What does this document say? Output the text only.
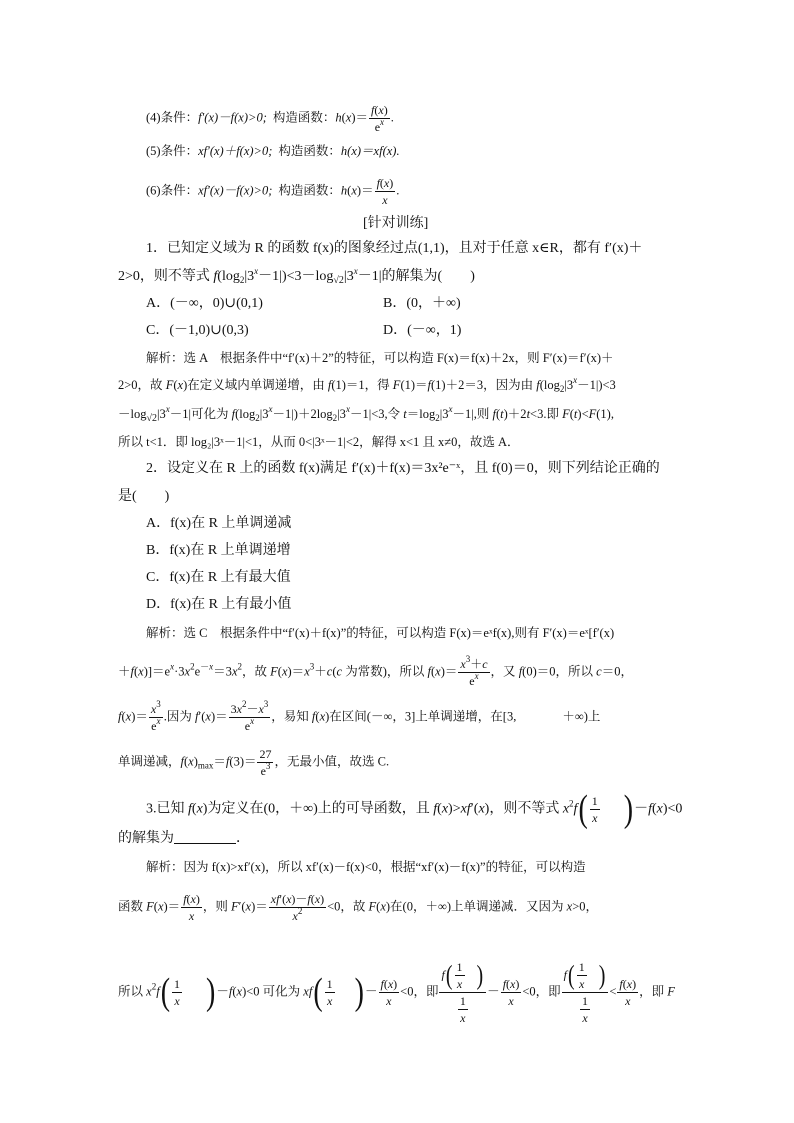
(4)条件：f′(x)－f(x)>0; 构造函数：$h(x)= \frac{f(x)}{e^x}$ .
(5)条件：xf′(x)＋f(x)>0; 构造函数：h(x)＝xf(x).
(6)条件：xf′(x)－f(x)>0; 构造函数：$h(x)= \frac{f(x)}{x}$ .
[针对训练]
1．已知定义域为 R 的函数 f(x)的图象经过点(1,1)，且对于任意 x∈R，都有 f′(x)＋
2>0，则不等式 $f(\log_2|3^x-1|)<3-\log_{√2}|3^x-1|$的解集为(　　)
A．(－∞，0)∪(0,1)	B．(0，＋∞)
C．(－1,0)∪(0,3)	D．(－∞，1)
解析：选 A　根据条件中“f′(x)＋2”的特征，可以构造 F(x)＝f(x)＋2x，则 F′(x)＝f′(x)＋
2>0，故 F(x)在定义域内单调递增，由 f(1)＝1，得 F(1)＝f(1)＋2＝3，因为由 $f(\log_2|3^x-1|)<3$
$-\log_{√2}|3^x-1|$可化为 $f(\log_2|3^x-1|)+2\log_2|3^x-1|<3$,令 $t=\log_2|3^x-1|$,则 f(t)＋2t<3.即 F(t)<F(1),
所以 t<1．即 log₂|3ˣ－1|<1，从而 0<|3ˣ－1|<2，解得 x<1 且 x≠0，故选 A．
2．设定义在 R 上的函数 f(x)满足 f′(x)＋f(x)＝3x²e⁻ˣ，且 f(0)＝0，则下列结论正确的
是(　　)
A．f(x)在 R 上单调递减
B．f(x)在 R 上单调递增
C．f(x)在 R 上有最大值
D．f(x)在 R 上有最小值
解析：选 C　根据条件中“f′(x)＋f(x)”的特征，可以构造 F(x)＝eˣf(x),则有 F′(x)＝eˣ[f′(x)
$+f(x)]=e^x\cdot 3x^2e^{-x}=3x^2$，故 $F(x)=x^3+c(c$ 为常数)，所以 $f(x)= \frac{x^3+c}{e^x}$ ，又 f(0)＝0，所以 c＝0，
$f(x)= \frac{x^3}{e^x}$ .因为 $f'(x)= \frac{3x^2-x^3}{e^x}$ ，易知 f(x)在区间(－∞，3]上单调递增，在[3,	＋∞)上
单调递减，$f(x)_{max}=f(3)= \frac{27}{e^3}$ ，无最小值，故选 C.
3.已知 f(x)为定义在(0，＋∞)上的可导函数，且 f(x)>xf′(x)，则不等式 $x^2f( \frac{1}{x} )-f(x)<0$
的解集为	．
解析：因为 f(x)>xf′(x)，所以 xf′(x)－f(x)<0，根据“xf′(x)－f(x)”的特征，可以构造
函数 $F(x)= \frac{f(x)}{x}$ ，则 $F'(x)= \frac{xf'(x)-f(x)}{x^2} <0$，故 F(x)在(0，＋∞)上单调递减．又因为 x>0，
所以 $x^2f( \frac{1}{x} )-f(x)<0$ 可化为 $xf( \frac{1}{x}$ )－ $\frac{f(x)}{x} <0$，即 $\frac{f( \frac{1}{x} )}{\frac{1}{x}} - \frac{f(x)}{x} <0$，即 $\frac{f( \frac{1}{x} )}{\frac{1}{x}} < \frac{f(x)}{x}$ ，即 F
